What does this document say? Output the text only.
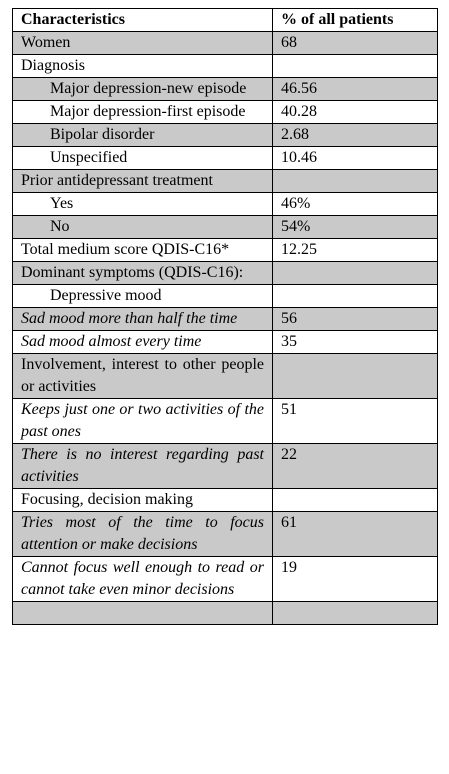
Characteristics	% of all patients
Women	68
Diagnosis	
Major depression-new episode	46.56
Major depression-first episode	40.28
Bipolar disorder	2.68
Unspecified	10.46
Prior antidepressant treatment	
Yes	46%
No	54%
Total medium score QDIS-C16*	12.25
Dominant symptoms (QDIS-C16):	
Depressive mood	
Sad mood more than half the time	56
Sad mood almost every time	35
Involvement, interest to other people or activities	
Keeps just one or two activities of the past ones	51
There is no interest regarding past activities	22
Focusing, decision making	
Tries most of the time to focus attention or make decisions	61
Cannot focus well enough to read or cannot take even minor decisions	19
